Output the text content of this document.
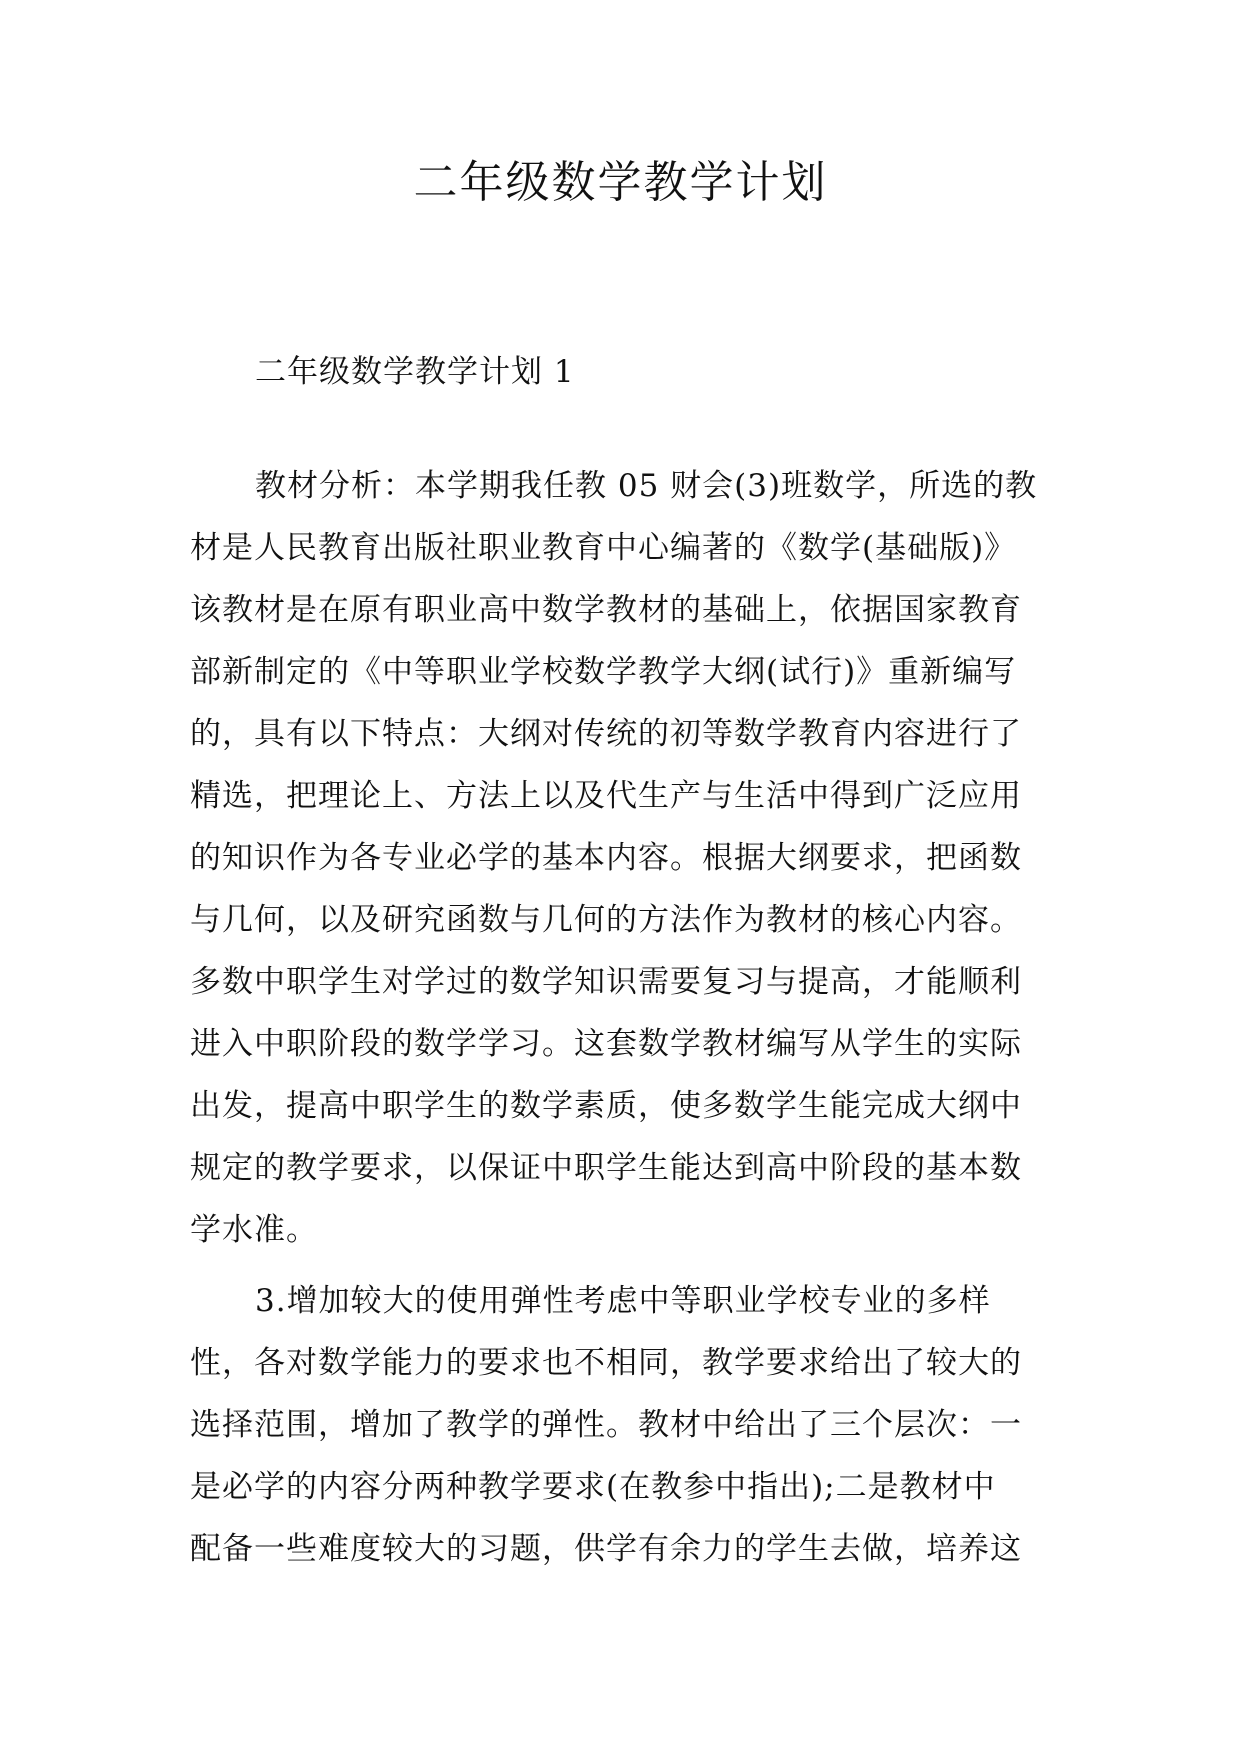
二年级数学教学计划
二年级数学教学计划 1
教材分析：本学期我任教 05 财会(3)班数学，所选的教
材是人民教育出版社职业教育中心编著的《数学(基础版)》
该教材是在原有职业高中数学教材的基础上，依据国家教育
部新制定的《中等职业学校数学教学大纲(试行)》重新编写
的，具有以下特点：大纲对传统的初等数学教育内容进行了
精选，把理论上、方法上以及代生产与生活中得到广泛应用
的知识作为各专业必学的基本内容。根据大纲要求，把函数
与几何，以及研究函数与几何的方法作为教材的核心内容。
多数中职学生对学过的数学知识需要复习与提高，才能顺利
进入中职阶段的数学学习。这套数学教材编写从学生的实际
出发，提高中职学生的数学素质，使多数学生能完成大纲中
规定的教学要求，以保证中职学生能达到高中阶段的基本数
学水准。
3.增加较大的使用弹性考虑中等职业学校专业的多样
性，各对数学能力的要求也不相同，教学要求给出了较大的
选择范围，增加了教学的弹性。教材中给出了三个层次：一
是必学的内容分两种教学要求(在教参中指出);二是教材中
配备一些难度较大的习题，供学有余力的学生去做，培养这
